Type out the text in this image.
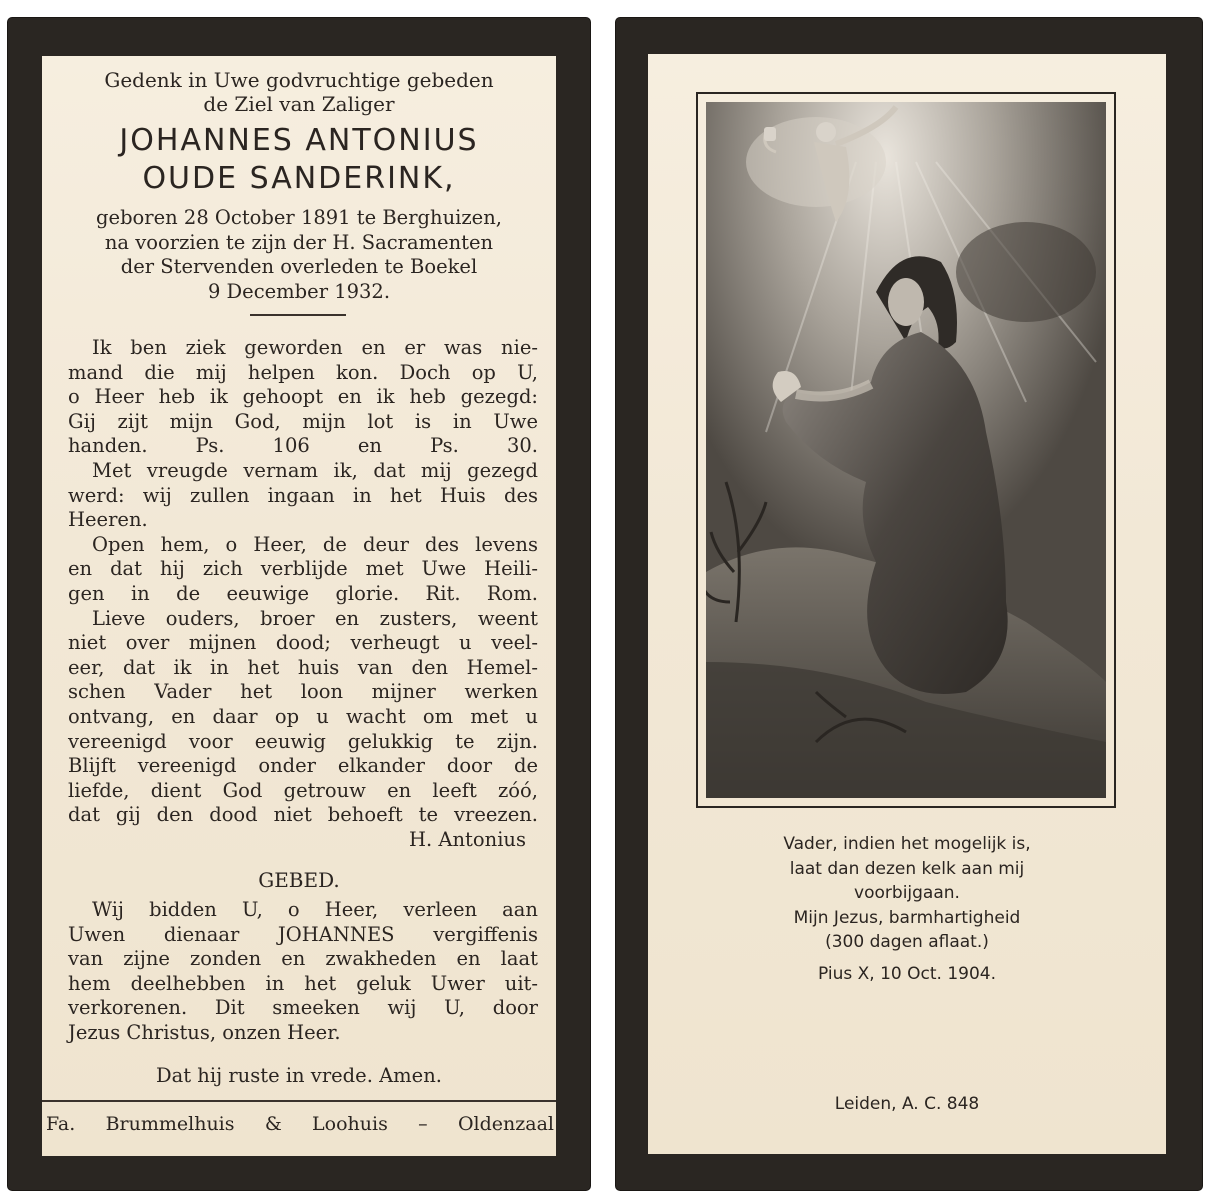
Gedenk in Uwe godvruchtige gebeden
de Ziel van Zaliger
JOHANNES ANTONIUS
OUDE SANDERINK,
geboren 28 October 1891 te Berghuizen,
na voorzien te zijn der H. Sacramenten
der Stervenden overleden te Boekel
9 December 1932.
Ik ben ziek geworden en er was nie-
mand die mij helpen kon. Doch op U,
o Heer heb ik gehoopt en ik heb gezegd:
Gij zijt mijn God, mijn lot is in Uwe
handen. Ps. 106 en Ps. 30.
Met vreugde vernam ik, dat mij gezegd
werd: wij zullen ingaan in het Huis des
Heeren.
Open hem, o Heer, de deur des levens
en dat hij zich verblijde met Uwe Heili-
gen in de eeuwige glorie. Rit. Rom.
Lieve ouders, broer en zusters, weent
niet over mijnen dood; verheugt u veel-
eer, dat ik in het huis van den Hemel-
schen Vader het loon mijner werken
ontvang, en daar op u wacht om met u
vereenigd voor eeuwig gelukkig te zijn.
Blijft vereenigd onder elkander door de
liefde, dient God getrouw en leeft zóó,
dat gij den dood niet behoeft te vreezen.
H. Antonius
GEBED.
Wij bidden U, o Heer, verleen aan
Uwen dienaar JOHANNES vergiffenis
van zijne zonden en zwakheden en laat
hem deelhebben in het geluk Uwer uit-
verkorenen. Dit smeeken wij U, door
Jezus Christus, onzen Heer.
Dat hij ruste in vrede. Amen.
Fa. Brummelhuis & Loohuis – Oldenzaal
Vader, indien het mogelijk is,
laat dan dezen kelk aan mij
voorbijgaan.
Mijn Jezus, barmhartigheid
(300 dagen aflaat.)
Pius X, 10 Oct. 1904.
Leiden, A. C. 848
